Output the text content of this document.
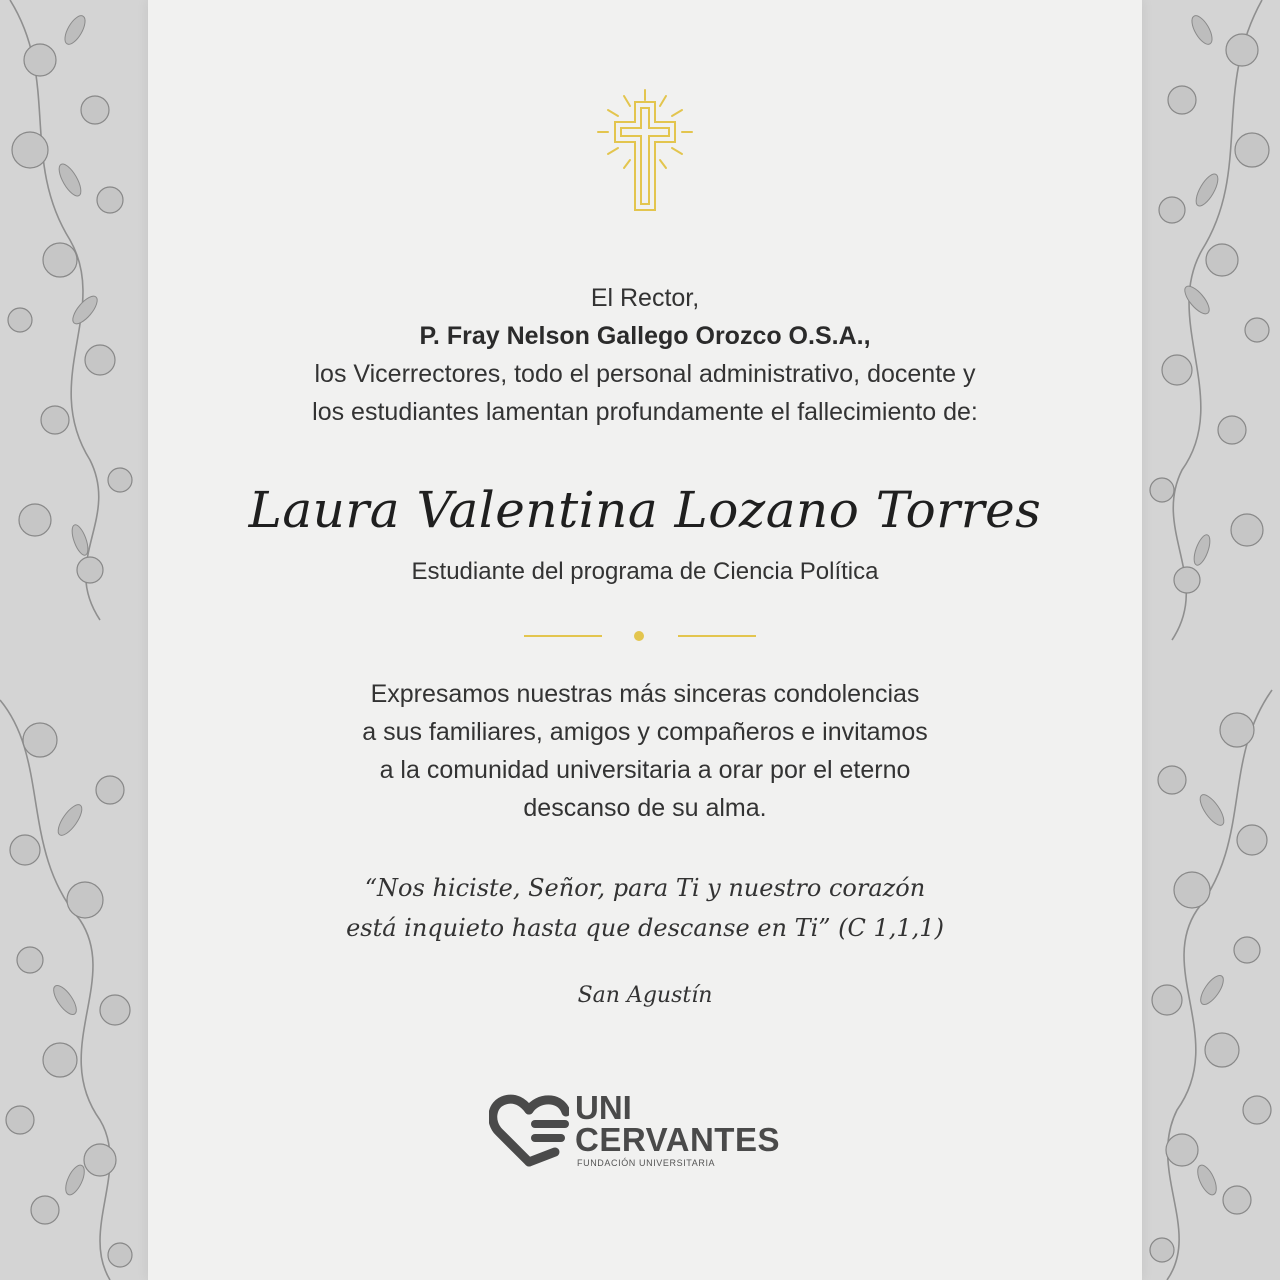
El Rector,
P. Fray Nelson Gallego Orozco O.S.A.,
los Vicerrectores, todo el personal administrativo, docente y
los estudiantes lamentan profundamente el fallecimiento de:
Laura Valentina Lozano Torres
Estudiante del programa de Ciencia Política
Expresamos nuestras más sinceras condolencias
a sus familiares, amigos y compañeros e invitamos
a la comunidad universitaria a orar por el eterno
descanso de su alma.
“Nos hiciste, Señor, para Ti y nuestro corazón
está inquieto hasta que descanse en Ti” (C 1,1,1)
San Agustín
UNI
CERVANTES
FUNDACIÓN UNIVERSITARIA
